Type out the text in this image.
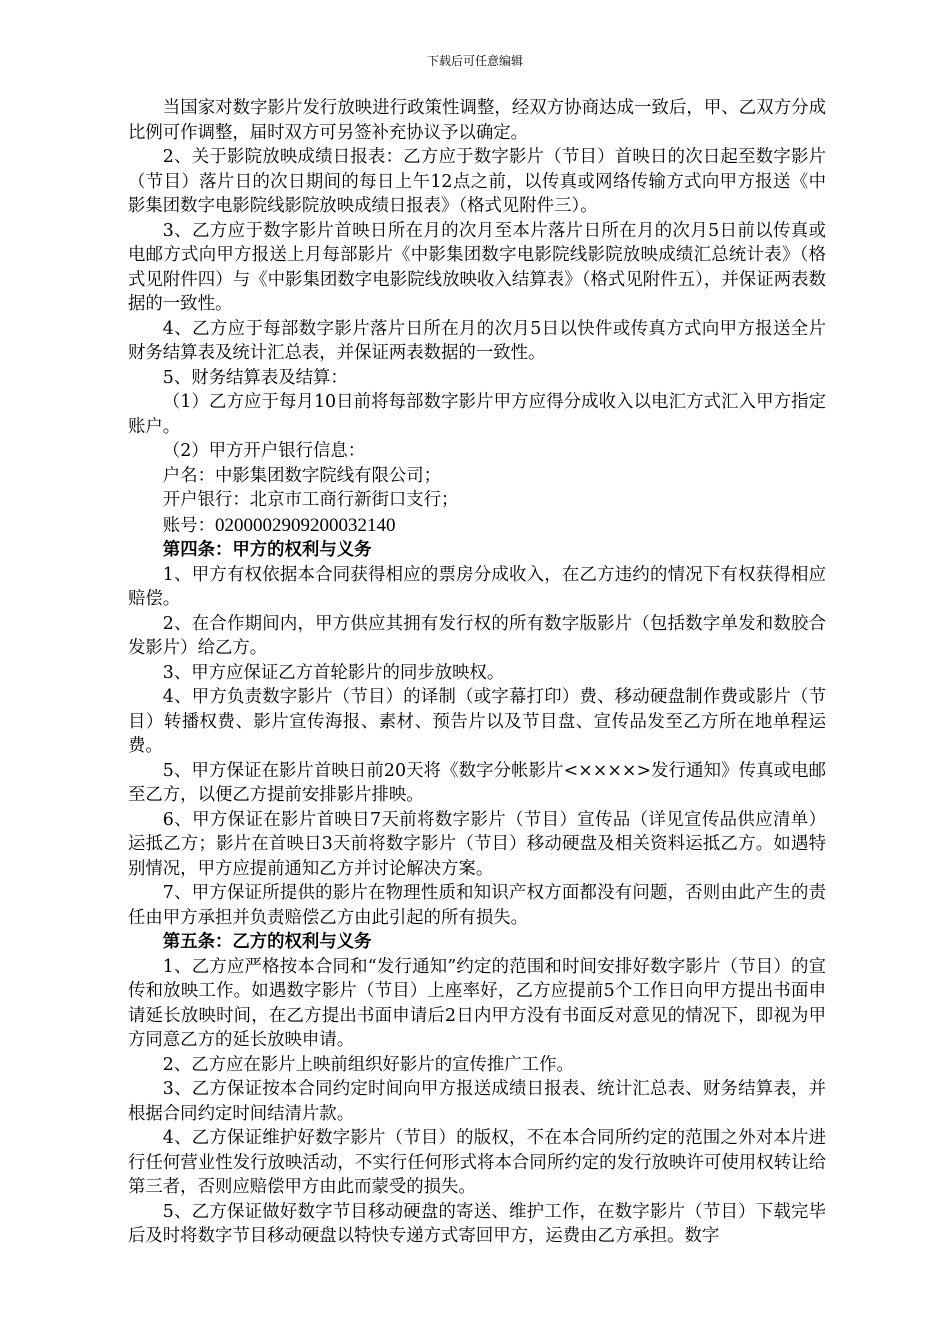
下载后可任意编辑

当国家对数字影片发行放映进行政策性调整，经双方协商达成一致后，甲、乙双方分成比例可作调整，届时双方可另签补充协议予以确定。

2、关于影院放映成绩日报表：乙方应于数字影片（节目）首映日的次日起至数字影片（节目）落片日的次日期间的每日上午12点之前，以传真或网络传输方式向甲方报送《中影集团数字电影院线影院放映成绩日报表》（格式见附件三）。

3、乙方应于数字影片首映日所在月的次月至本片落片日所在月的次月5日前以传真或电邮方式向甲方报送上月每部影片《中影集团数字电影院线影院放映成绩汇总统计表》（格式见附件四）与《中影集团数字电影院线放映收入结算表》（格式见附件五），并保证两表数据的一致性。

4、乙方应于每部数字影片落片日所在月的次月5日以快件或传真方式向甲方报送全片财务结算表及统计汇总表，并保证两表数据的一致性。

5、财务结算表及结算：

（1）乙方应于每月10日前将每部数字影片甲方应得分成收入以电汇方式汇入甲方指定账户。

（2）甲方开户银行信息：

户名：中影集团数字院线有限公司；

开户银行：北京市工商行新街口支行；

账号：0200002909200032140

第四条：甲方的权利与义务

1、甲方有权依据本合同获得相应的票房分成收入，在乙方违约的情况下有权获得相应赔偿。

2、在合作期间内，甲方供应其拥有发行权的所有数字版影片（包括数字单发和数胶合发影片）给乙方。

3、甲方应保证乙方首轮影片的同步放映权。

4、甲方负责数字影片（节目）的译制（或字幕打印）费、移动硬盘制作费或影片（节目）转播权费、影片宣传海报、素材、预告片以及节目盘、宣传品发至乙方所在地单程运费。

5、甲方保证在影片首映日前20天将《数字分帐影片<××××>发行通知》传真或电邮至乙方，以便乙方提前安排影片排映。

6、甲方保证在影片首映日7天前将数字影片（节目）宣传品（详见宣传品供应清单）运抵乙方；影片在首映日3天前将数字影片（节目）移动硬盘及相关资料运抵乙方。如遇特别情况，甲方应提前通知乙方并讨论解决方案。

7、甲方保证所提供的影片在物理性质和知识产权方面都没有问题，否则由此产生的责任由甲方承担并负责赔偿乙方由此引起的所有损失。

第五条：乙方的权利与义务

1、乙方应严格按本合同和“发行通知”约定的范围和时间安排好数字影片（节目）的宣传和放映工作。如遇数字影片（节目）上座率好，乙方应提前5个工作日向甲方提出书面申请延长放映时间，在乙方提出书面申请后2日内甲方没有书面反对意见的情况下，即视为甲方同意乙方的延长放映申请。

2、乙方应在影片上映前组织好影片的宣传推广工作。

3、乙方保证按本合同约定时间向甲方报送成绩日报表、统计汇总表、财务结算表，并根据合同约定时间结清片款。

4、乙方保证维护好数字影片（节目）的版权，不在本合同所约定的范围之外对本片进行任何营业性发行放映活动，不实行任何形式将本合同所约定的发行放映许可使用权转让给第三者，否则应赔偿甲方由此而蒙受的损失。

5、乙方保证做好数字节目移动硬盘的寄送、维护工作，在数字影片（节目）下载完毕后及时将数字节目移动硬盘以特快专递方式寄回甲方，运费由乙方承担。数字
